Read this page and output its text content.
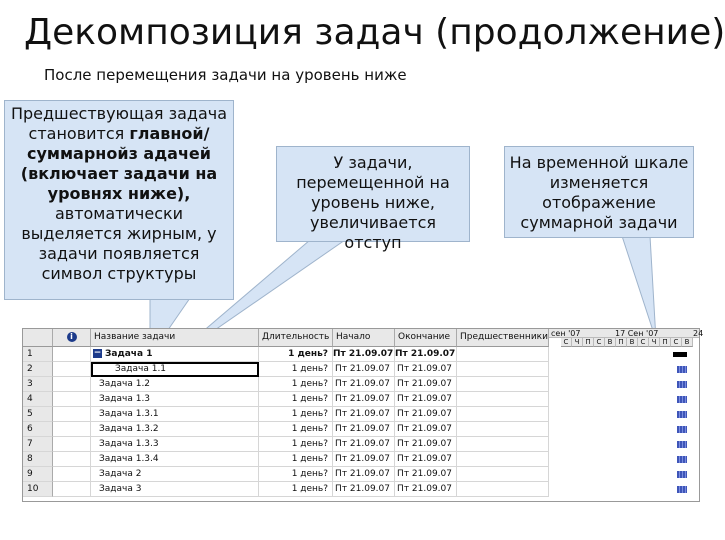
Декомпозиция задач (продолжение)
После перемещения задачи на уровень ниже
Предшествующая задача становится главной/суммарнойз адачей (включает задачи на уровнях ниже), автоматически выделяется жирным, у задачи появляется символ структуры
У задачи, перемещенной на уровень ниже, увеличивается отступ
На временной шкале изменяется отображение суммарной задачи
i	Название задачи	Длительность Начало	Окончание	Предшественники сен '07	17 Сен '07	24
С Ч П С В П В С Ч П С В
1	− Задача 1	1 день? Пт 21.09.07 Пт 21.09.07
2	Задача 1.1	1 день? Пт 21.09.07 Пт 21.09.07
3	Задача 1.2	1 день? Пт 21.09.07 Пт 21.09.07
4	Задача 1.3	1 день? Пт 21.09.07 Пт 21.09.07
5	Задача 1.3.1	1 день? Пт 21.09.07 Пт 21.09.07
6	Задача 1.3.2	1 день? Пт 21.09.07 Пт 21.09.07
7	Задача 1.3.3	1 день? Пт 21.09.07 Пт 21.09.07
8	Задача 1.3.4	1 день? Пт 21.09.07 Пт 21.09.07
9	Задача 2	1 день? Пт 21.09.07 Пт 21.09.07
10	Задача 3	1 день? Пт 21.09.07 Пт 21.09.07
